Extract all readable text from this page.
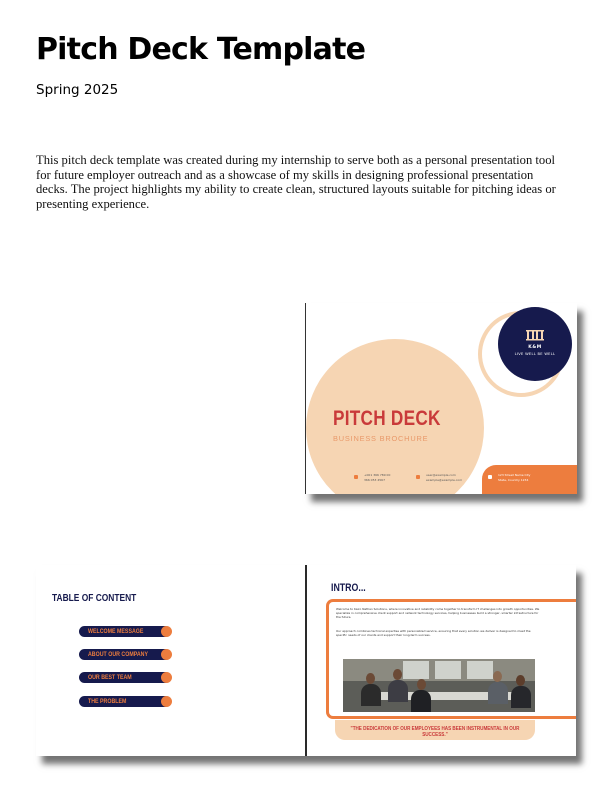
Pitch Deck Template
Spring 2025

This pitch deck template was created during my internship to serve both as a personal presentation tool for future employer outreach and as a showcase of my skills in designing professional presentation decks. The project highlights my ability to create clean, structured layouts suitable for pitching ideas or presenting experience.

K&M
LIVE WELL BE WELL
PITCH DECK
BUSINESS BROCHURE
+001 366 789 00
366 053 4567
user@example.com
example@example.com
123 Street Name City
State, Country 1234
TABLE OF CONTENT
WELCOME MESSAGE
ABOUT OUR COMPANY
OUR BEST TEAM
THE PROBLEM
INTRO...

Welcome to Kairo Nathan Solutions, where innovative and reliability come together to transform IT challenges into growth opportunities. We specialize in comprehensive client support and network technology services, helping businesses build a stronger, smarter infrastructure for the future.

Our approach combines technical expertise with personalized service, ensuring that every solution we deliver is designed to meet the specific needs of our clients and support their long-term success.

"THE DEDICATION OF OUR EMPLOYEES HAS BEEN INSTRUMENTAL IN OUR SUCCESS."
